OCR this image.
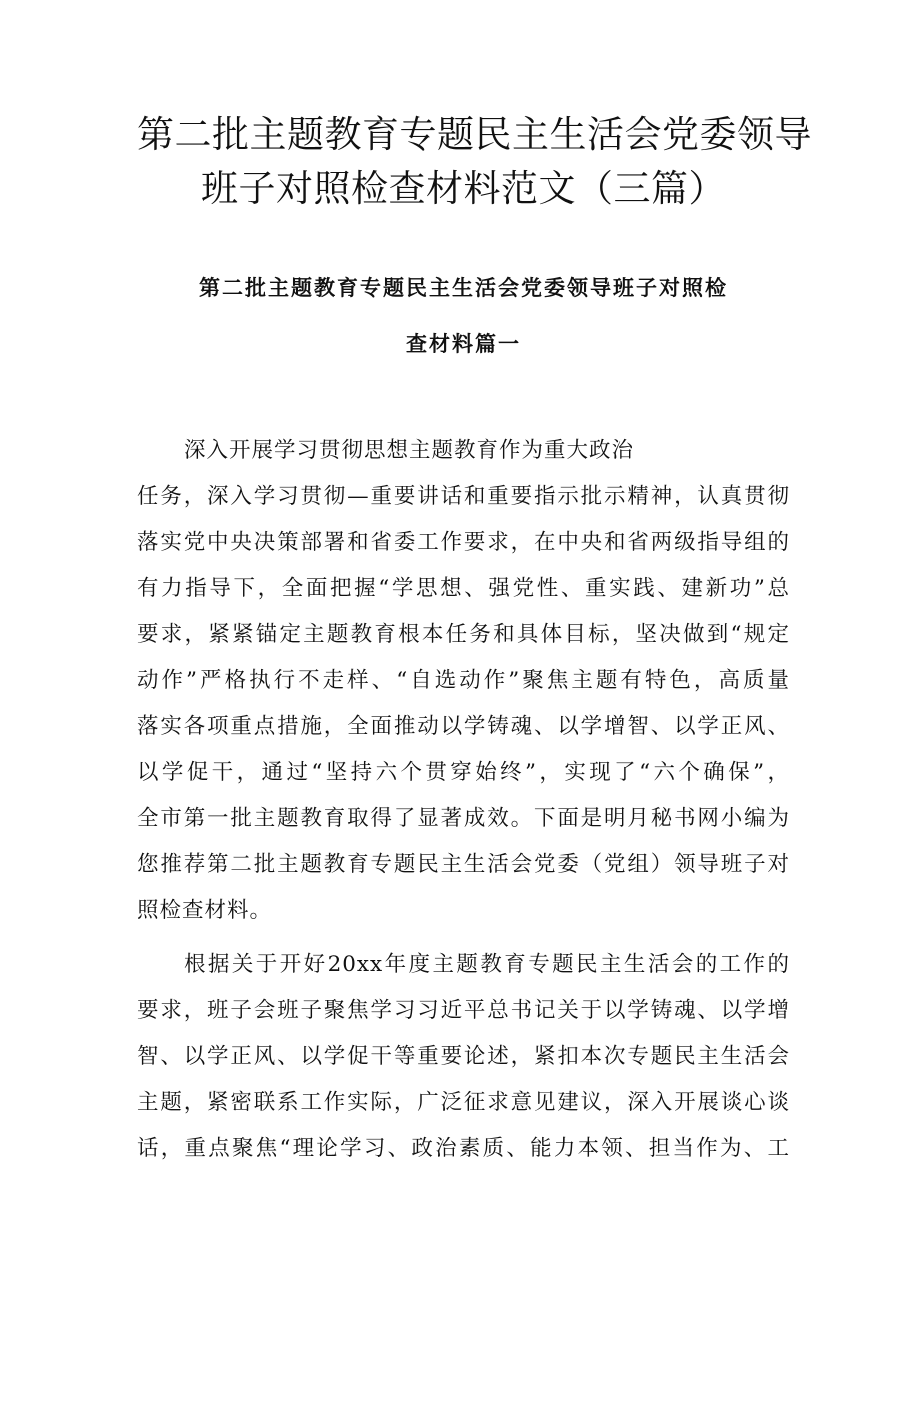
第二批主题教育专题民主生活会党委领导
班子对照检查材料范文（三篇）
第二批主题教育专题民主生活会党委领导班子对照检
查材料篇一

深入开展学习贯彻思想主题教育作为重大政治

任务，深入学习贯彻—重要讲话和重要指示批示精神，认真贯彻
落实党中央决策部署和省委工作要求，在中央和省两级指导组的
有力指导下，全面把握“学思想、强党性、重实践、建新功”总
要求，紧紧锚定主题教育根本任务和具体目标，坚决做到“规定
动作”严格执行不走样、“自选动作”聚焦主题有特色，高质量
落实各项重点措施，全面推动以学铸魂、以学增智、以学正风、
以学促干，通过“坚持六个贯穿始终”，实现了“六个确保”，
全市第一批主题教育取得了显著成效。下面是明月秘书网小编为
您推荐第二批主题教育专题民主生活会党委（党组）领导班子对
照检查材料。

根据关于开好20xx年度主题教育专题民主生活会的工作的
要求，班子会班子聚焦学习习近平总书记关于以学铸魂、以学增
智、以学正风、以学促干等重要论述，紧扣本次专题民主生活会
主题，紧密联系工作实际，广泛征求意见建议，深入开展谈心谈
话，重点聚焦“理论学习、政治素质、能力本领、担当作为、工
